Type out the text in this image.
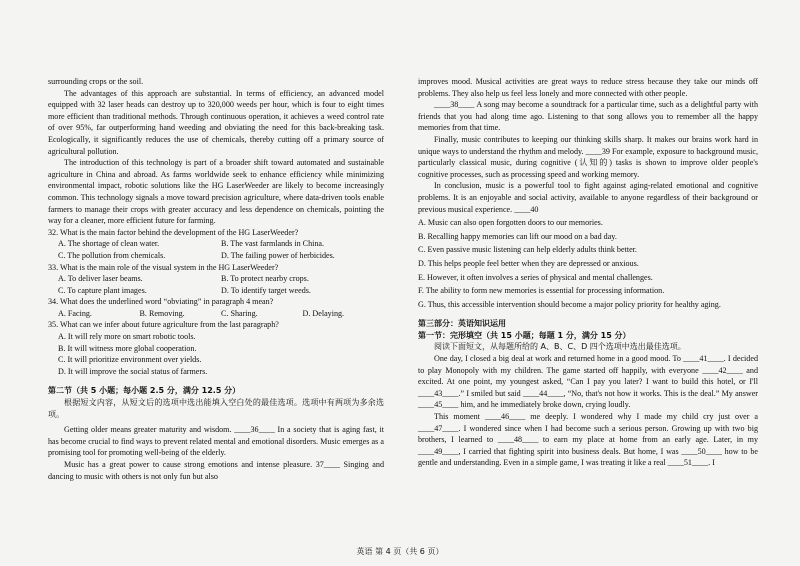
surrounding crops or the soil.

The advantages of this approach are substantial. In terms of efficiency, an advanced model equipped with 32 laser heads can destroy up to 320,000 weeds per hour, which is four to eight times more efficient than traditional methods. Through continuous operation, it achieves a weed control rate of over 95%, far outperforming hand weeding and obviating the need for this back-breaking task. Ecologically, it significantly reduces the use of chemicals, thereby cutting off a primary source of agricultural pollution.

The introduction of this technology is part of a broader shift toward automated and sustainable agriculture in China and abroad. As farms worldwide seek to enhance efficiency while minimizing environmental impact, robotic solutions like the HG LaserWeeder are likely to become increasingly common. This technology signals a move toward precision agriculture, where data-driven tools enable farmers to manage their crops with greater accuracy and less dependence on chemicals, pointing the way for a cleaner, more efficient future for farming.

32. What is the main factor behind the development of the HG LaserWeeder?

A. The shortage of clean water.	B. The vast farmlands in China.
C. The pollution from chemicals.	D. The failing power of herbicides.

33. What is the main role of the visual system in the HG LaserWeeder?

A. To deliver laser beams.	B. To protect nearby crops.
C. To capture plant images.	D. To identify target weeds.

34. What does the underlined word “obviating” in paragraph 4 mean?

A. Facing.	B. Removing.	C. Sharing.	D. Delaying.

35. What can we infer about future agriculture from the last paragraph?

A. It will rely more on smart robotic tools.
B. It will witness more global cooperation.
C. It will prioritize environment over yields.
D. It will improve the social status of farmers.
第二节（共 5 小题；每小题 2.5 分，满分 12.5 分）

根据短文内容，从短文后的选项中选出能填入空白处的最佳选项。选项中有两项为多余选项。

Getting older means greater maturity and wisdom. ____36____ In a society that is aging fast, it has become crucial to find ways to prevent related mental and emotional disorders. Music emerges as a promising tool for promoting well-being of the elderly.

Music has a great power to cause strong emotions and intense pleasure. 37____ Singing and dancing to music with others is not only fun but also

improves mood. Musical activities are great ways to reduce stress because they take our minds off problems. They also help us feel less lonely and more connected with other people.

____38____ A song may become a soundtrack for a particular time, such as a delightful party with friends that you had along time ago. Listening to that song allows you to remember all the happy memories from that time.

Finally, music contributes to keeping our thinking skills sharp. It makes our brains work hard in unique ways to understand the rhythm and melody. ____39 For example, exposure to background music, particularly classical music, during cognitive (认知的) tasks is shown to improve older people's cognitive processes, such as processing speed and working memory.

In conclusion, music is a powerful tool to fight against aging-related emotional and cognitive problems. It is an enjoyable and social activity, available to anyone regardless of their background or previous musical experience. ____40

A. Music can also open forgotten doors to our memories.
B. Recalling happy memories can lift our mood on a bad day.
C. Even passive music listening can help elderly adults think better.
D. This helps people feel better when they are depressed or anxious.
E. However, it often involves a series of physical and mental challenges.
F. The ability to form new memories is essential for processing information.
G. Thus, this accessible intervention should become a major policy priority for healthy aging.
第三部分：英语知识运用
第一节：完形填空（共 15 小题；每题 1 分，满分 15 分）

阅读下面短文，从每题所给的 A、B、C、D 四个选项中选出最佳选项。

One day, I closed a big deal at work and returned home in a good mood. To ____41____. I decided to play Monopoly with my children. The game started off happily, with everyone ____42____ and excited. At one point, my youngest asked, “Can I pay you later? I want to build this hotel, or I'll ____43____.” I smiled but said ____44____, “No, that's not how it works. This is the deal.” My answer ____45____ him, and he immediately broke down, crying loudly.

This moment ____46____ me deeply. I wondered why I made my child cry just over a ____47____. I wondered since when I had become such a serious person. Growing up with two big brothers, I learned to ____48____ to earn my place at home from an early age. Later, in my ____49____, I carried that fighting spirit into business deals. But home, I was ____50____ how to be gentle and understanding. Even in a simple game, I was treating it like a real ____51____. I

英语 第 4 页（共 6 页）
